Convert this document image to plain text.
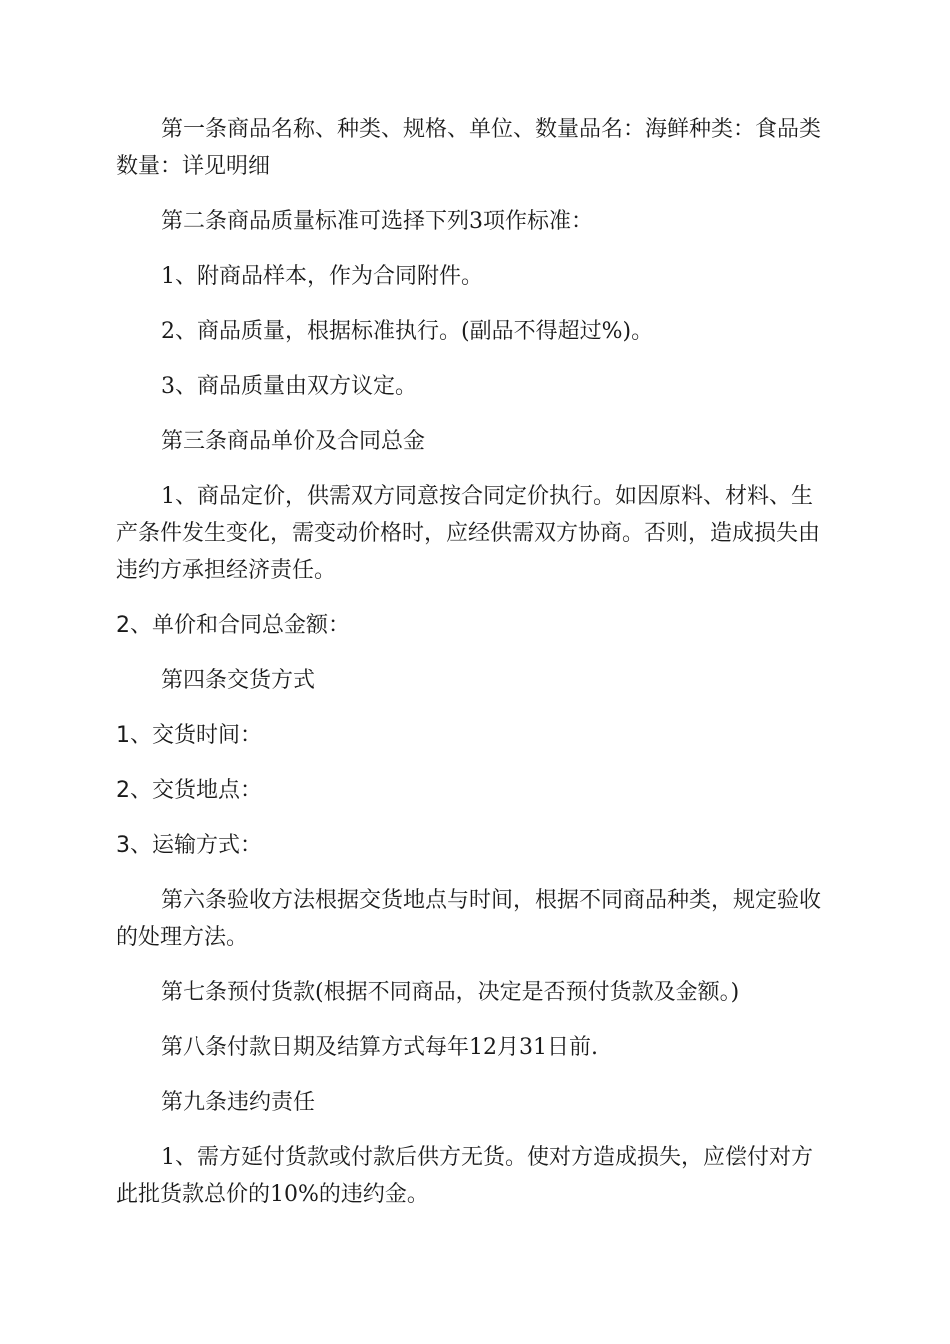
第一条商品名称、种类、规格、单位、数量品名：海鲜种类：食品类数量：详见明细

第二条商品质量标准可选择下列3项作标准：

1、附商品样本，作为合同附件。

2、商品质量，根据标准执行。(副品不得超过%)。

3、商品质量由双方议定。

第三条商品单价及合同总金

1、商品定价，供需双方同意按合同定价执行。如因原料、材料、生产条件发生变化，需变动价格时，应经供需双方协商。否则，造成损失由违约方承担经济责任。

2、单价和合同总金额：

第四条交货方式

1、交货时间：

2、交货地点：

3、运输方式：

第六条验收方法根据交货地点与时间，根据不同商品种类，规定验收的处理方法。

第七条预付货款(根据不同商品，决定是否预付货款及金额。)

第八条付款日期及结算方式每年12月31日前.

第九条违约责任

1、需方延付货款或付款后供方无货。使对方造成损失，应偿付对方此批货款总价的10%的违约金。
